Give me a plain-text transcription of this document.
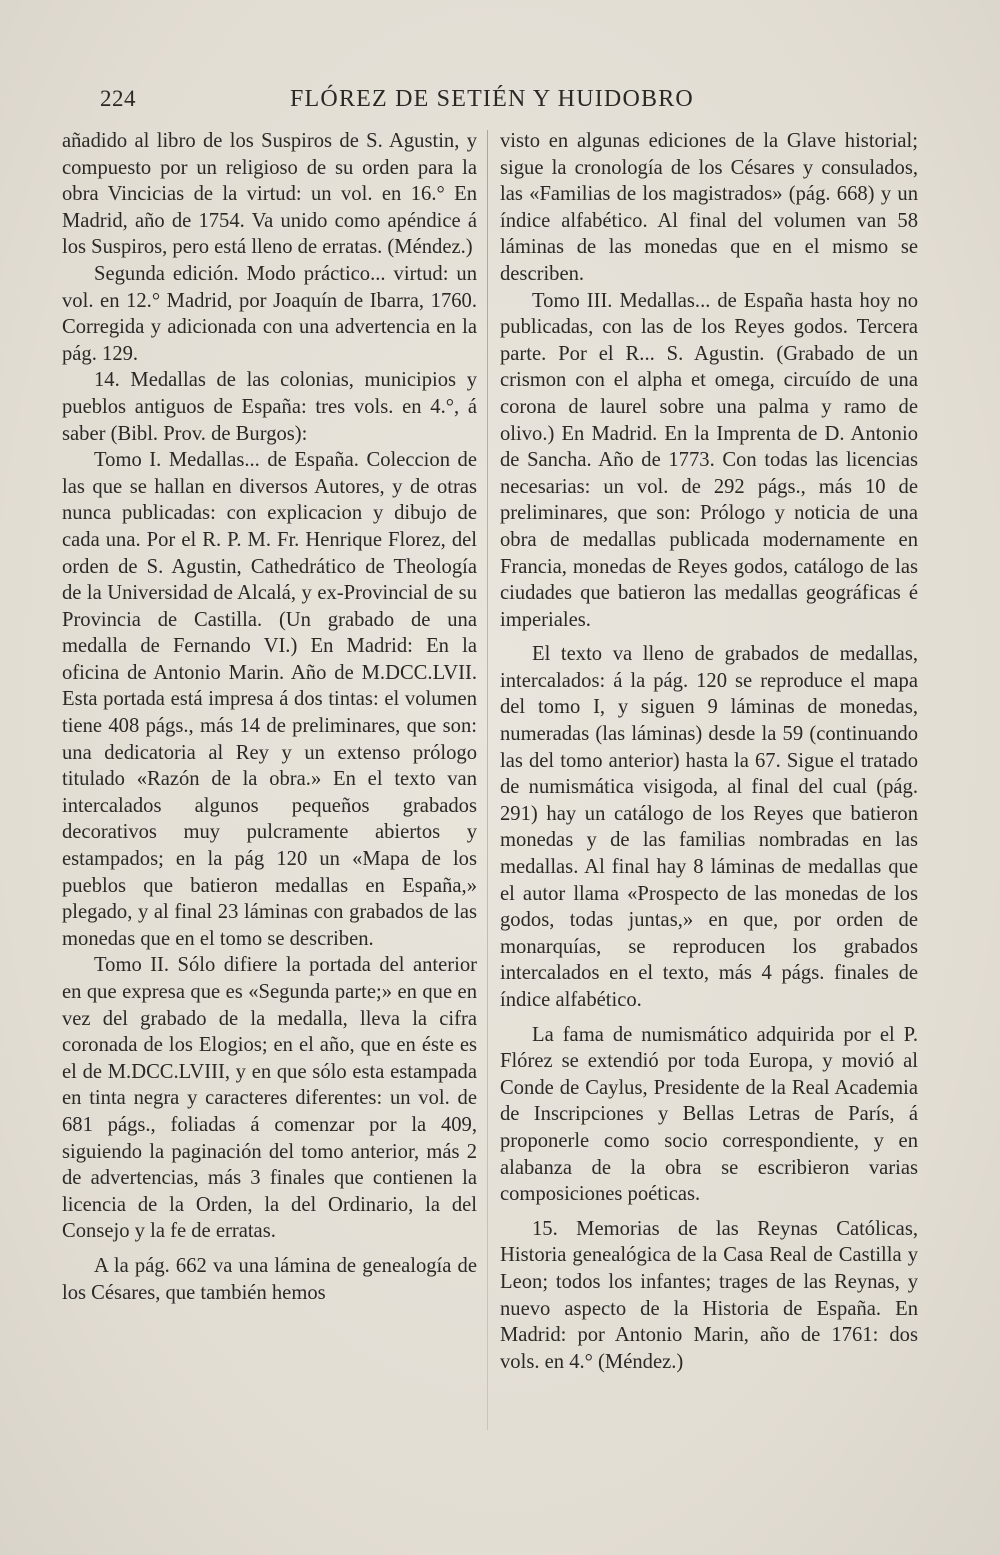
224	FLÓREZ DE SETIÉN Y HUIDOBRO

añadido al libro de los Suspiros de S. Agustin, y compuesto por un religioso de su orden para la obra Vincicias de la virtud: un vol. en 16.° En Madrid, año de 1754. Va unido como apéndice á los Suspiros, pero está lleno de erratas. (Méndez.)

Segunda edición. Modo práctico... virtud: un vol. en 12.° Madrid, por Joaquín de Ibarra, 1760. Corregida y adicionada con una advertencia en la pág. 129.

14. Medallas de las colonias, municipios y pueblos antiguos de España: tres vols. en 4.°, á saber (Bibl. Prov. de Burgos):

Tomo I. Medallas... de España. Coleccion de las que se hallan en diversos Autores, y de otras nunca publicadas: con explicacion y dibujo de cada una. Por el R. P. M. Fr. Henrique Florez, del orden de S. Agustin, Cathedrático de Theología de la Universidad de Alcalá, y ex-Provincial de su Provincia de Castilla. (Un grabado de una medalla de Fernando VI.) En Madrid: En la oficina de Antonio Marin. Año de M.DCC.LVII. Esta portada está impresa á dos tintas: el volumen tiene 408 págs., más 14 de preliminares, que son: una dedicatoria al Rey y un extenso prólogo titulado «Razón de la obra.» En el texto van intercalados algunos pequeños grabados decorativos muy pulcramente abiertos y estampados; en la pág 120 un «Mapa de los pueblos que batieron medallas en España,» plegado, y al final 23 láminas con grabados de las monedas que en el tomo se describen.

Tomo II. Sólo difiere la portada del anterior en que expresa que es «Segunda parte;» en que en vez del grabado de la medalla, lleva la cifra coronada de los Elogios; en el año, que en éste es el de M.DCC.LVIII, y en que sólo esta estampada en tinta negra y caracteres diferentes: un vol. de 681 págs., foliadas á comenzar por la 409, siguiendo la paginación del tomo anterior, más 2 de advertencias, más 3 finales que contienen la licencia de la Orden, la del Ordinario, la del Consejo y la fe de erratas.

A la pág. 662 va una lámina de genealogía de los Césares, que también hemos

visto en algunas ediciones de la Glave historial; sigue la cronología de los Césares y consulados, las «Familias de los magistrados» (pág. 668) y un índice alfabético. Al final del volumen van 58 láminas de las monedas que en el mismo se describen.

Tomo III. Medallas... de España hasta hoy no publicadas, con las de los Reyes godos. Tercera parte. Por el R... S. Agustin. (Grabado de un crismon con el alpha et omega, circuído de una corona de laurel sobre una palma y ramo de olivo.) En Madrid. En la Imprenta de D. Antonio de Sancha. Año de 1773. Con todas las licencias necesarias: un vol. de 292 págs., más 10 de preliminares, que son: Prólogo y noticia de una obra de medallas publicada modernamente en Francia, monedas de Reyes godos, catálogo de las ciudades que batieron las medallas geográficas é imperiales.

El texto va lleno de grabados de medallas, intercalados: á la pág. 120 se reproduce el mapa del tomo I, y siguen 9 láminas de monedas, numeradas (las láminas) desde la 59 (continuando las del tomo anterior) hasta la 67. Sigue el tratado de numismática visigoda, al final del cual (pág. 291) hay un catálogo de los Reyes que batieron monedas y de las familias nombradas en las medallas. Al final hay 8 láminas de medallas que el autor llama «Prospecto de las monedas de los godos, todas juntas,» en que, por orden de monarquías, se reproducen los grabados intercalados en el texto, más 4 págs. finales de índice alfabético.

La fama de numismático adquirida por el P. Flórez se extendió por toda Europa, y movió al Conde de Caylus, Presidente de la Real Academia de Inscripciones y Bellas Letras de París, á proponerle como socio correspondiente, y en alabanza de la obra se escribieron varias composiciones poéticas.

15. Memorias de las Reynas Católicas, Historia genealógica de la Casa Real de Castilla y Leon; todos los infantes; trages de las Reynas, y nuevo aspecto de la Historia de España. En Madrid: por Antonio Marin, año de 1761: dos vols. en 4.° (Méndez.)
